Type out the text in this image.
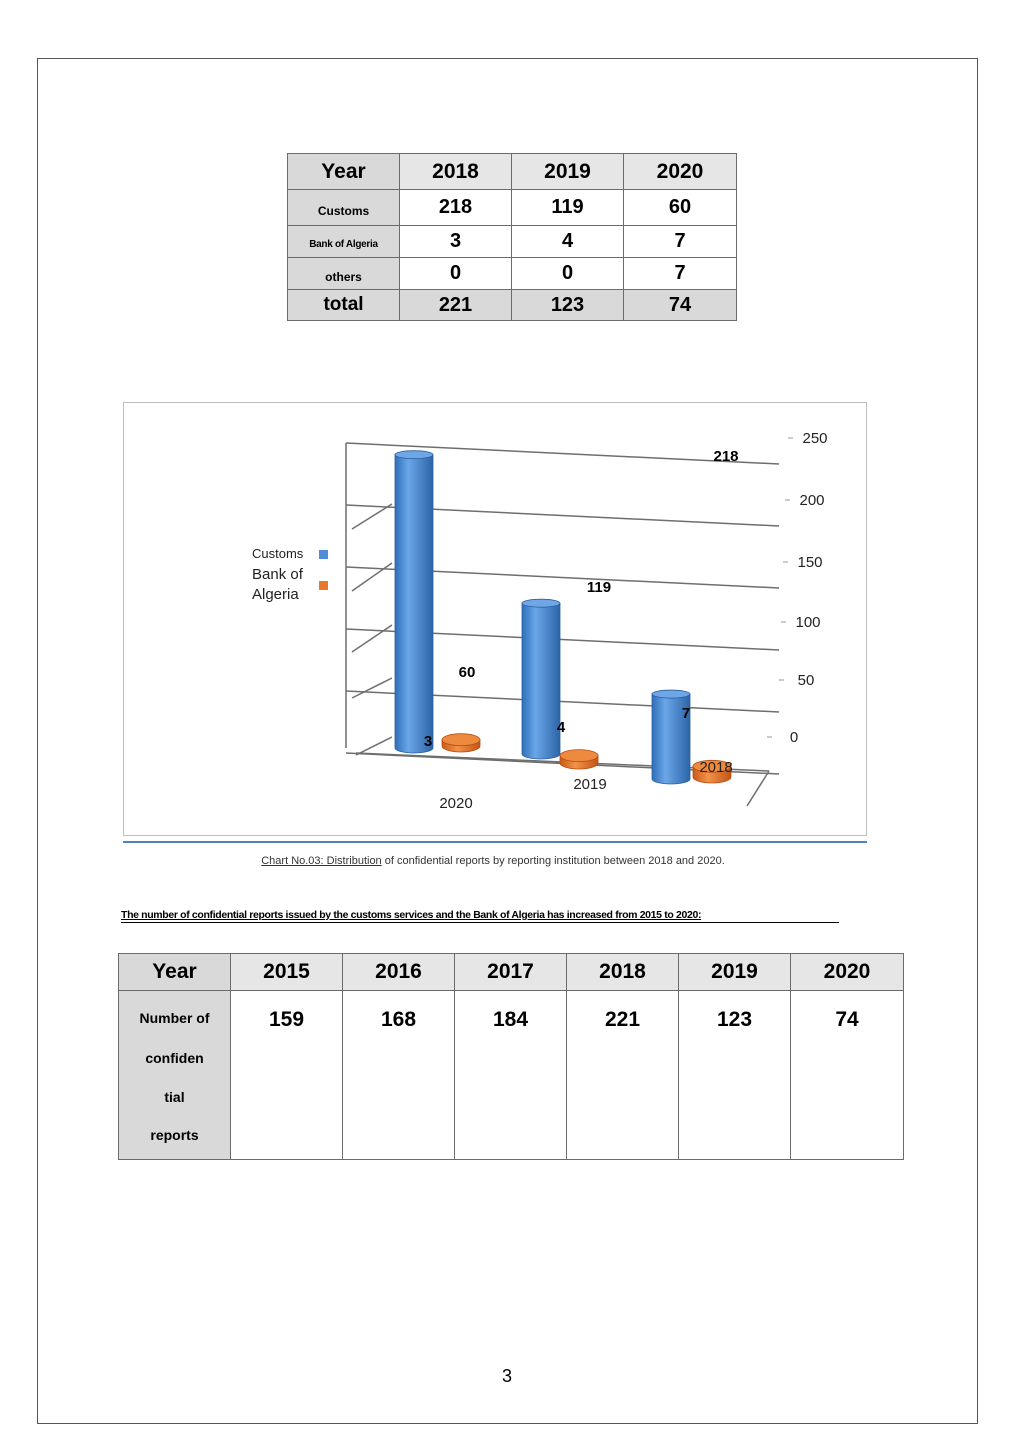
Year	2018	2019	2020
Customs	218	119	60
Bank of Algeria	3	4	7
others	0	0	7
total	221	123	74
218
119
60
3
4
7
250
200
150
100
50
0
2020
2019
2018
Customs
Bank of
Algeria
Chart No.03: Distribution of confidential reports by reporting institution between 2018 and 2020.
The number of confidential reports issued by the customs services and the Bank of Algeria has increased from 2015 to 2020:
Year	2015	2016	2017	2018	2019	2020

Number of
confiden
tial
reports	159	168	184	221	123	74
3
